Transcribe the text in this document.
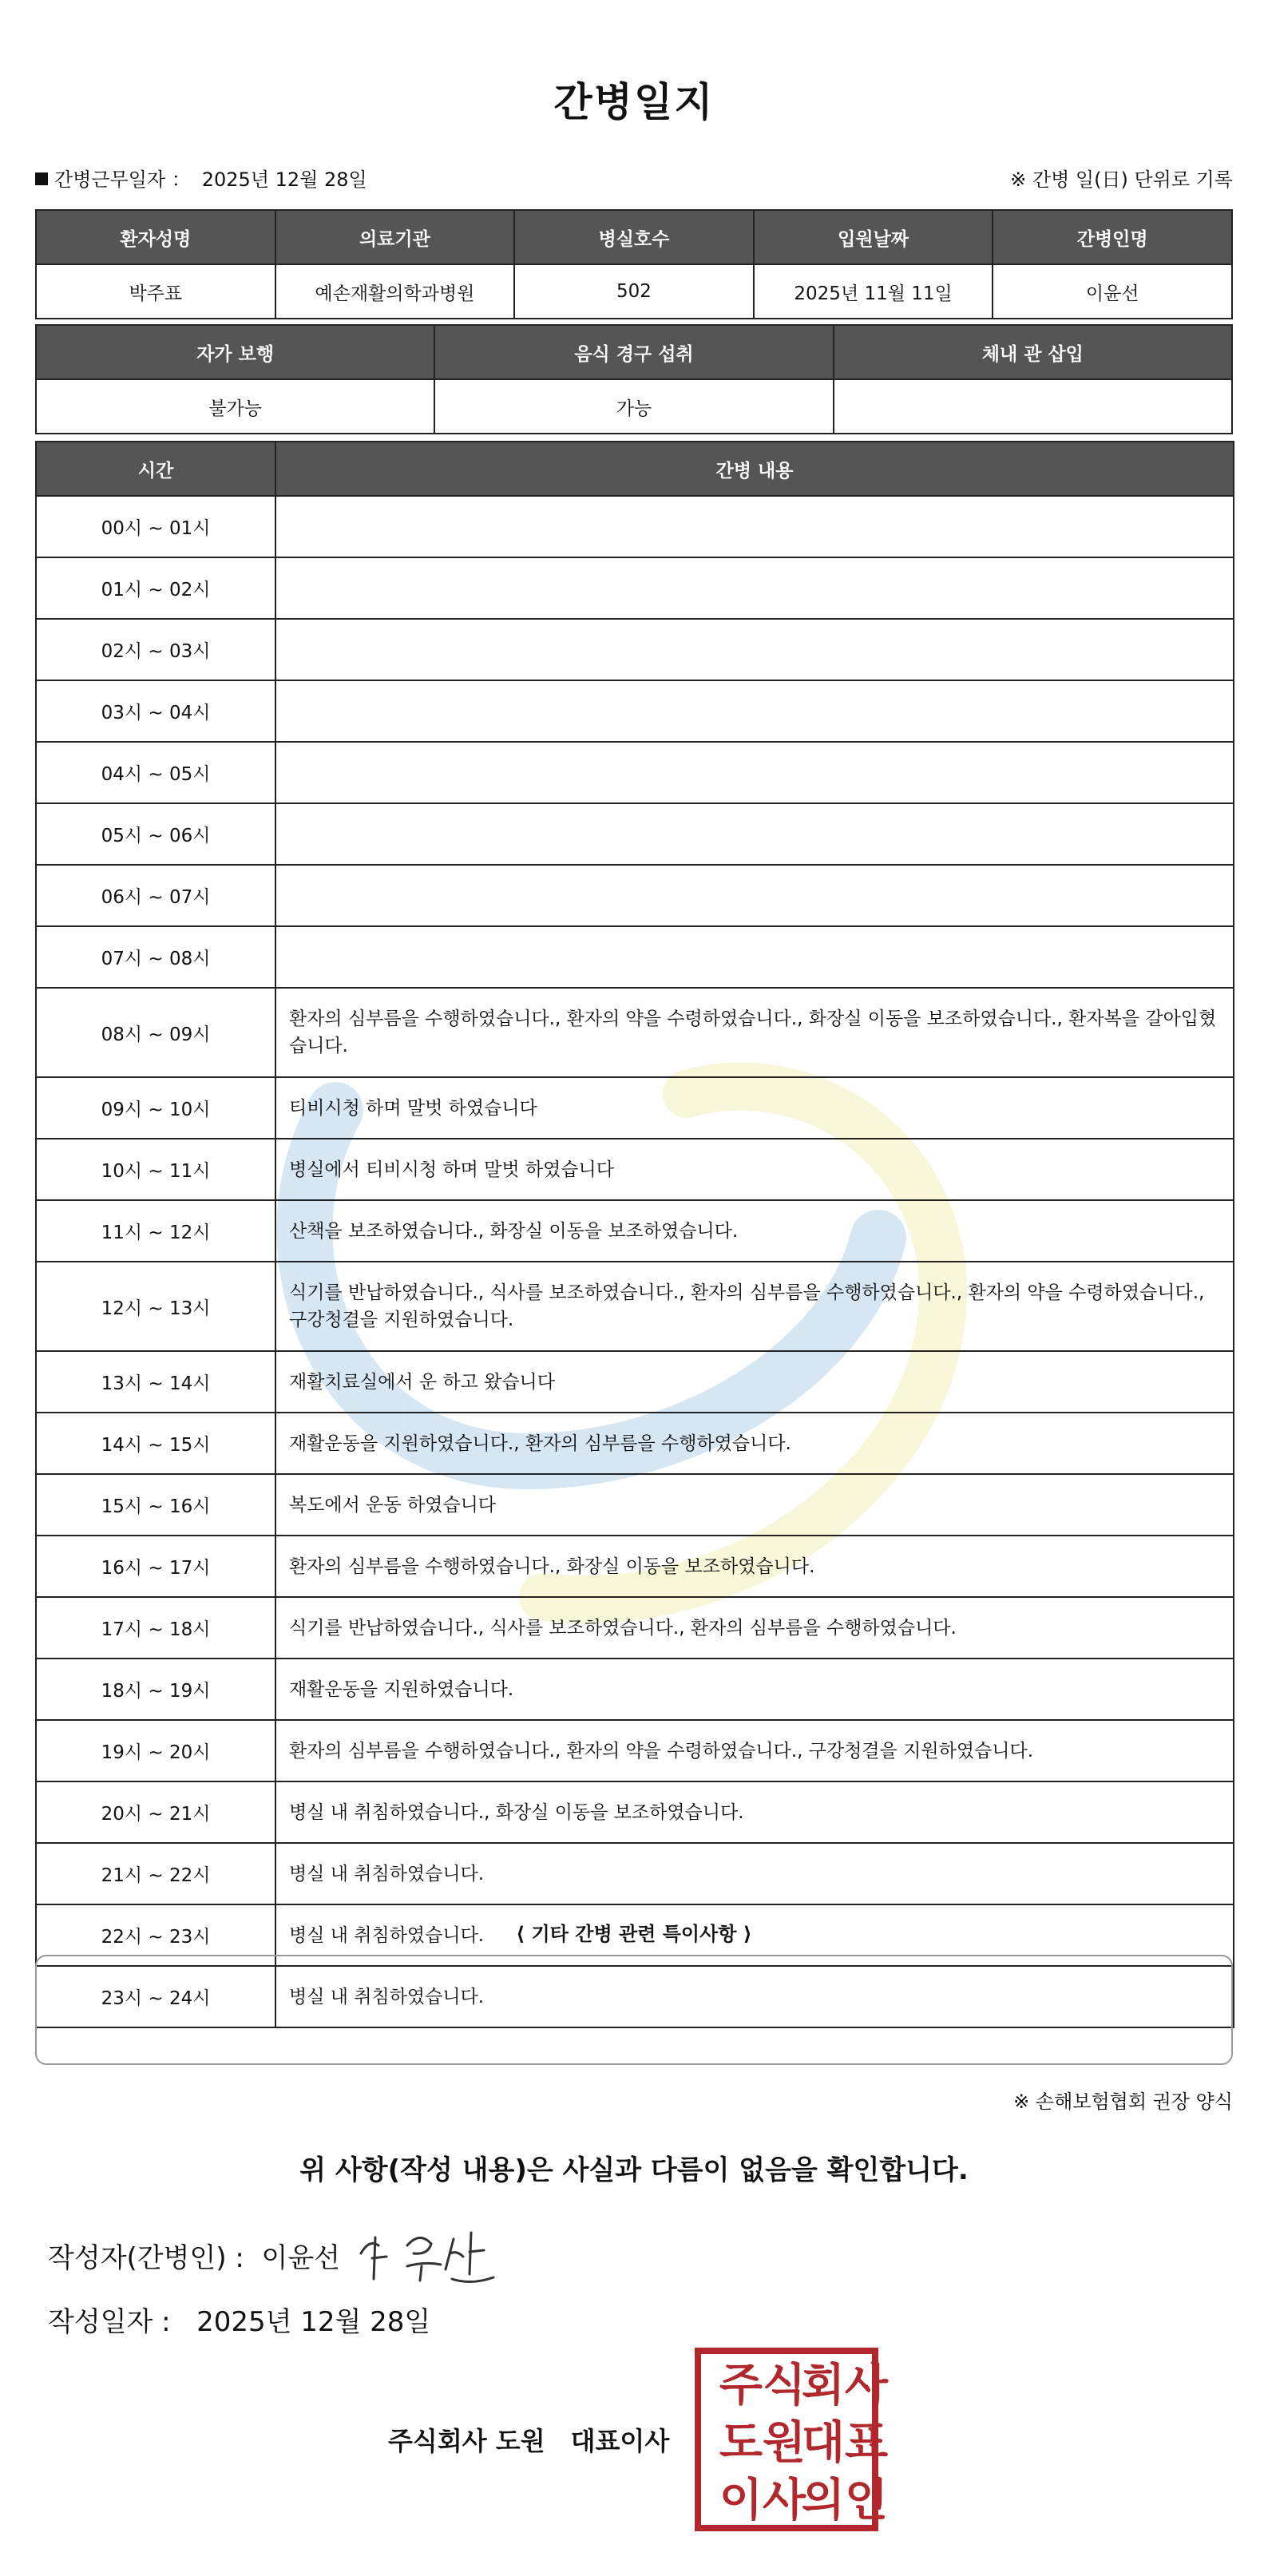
간병일지
간병근무일자 ： 2025년 12월 28일	※ 간병 일(日) 단위로 기록
환자성명	의료기관	병실호수	입원날짜	간병인명
박주표	예손재활의학과병원	502	2025년 11월 11일	이윤선
자가 보행	음식 경구 섭취	체내 관 삽입
불가능	가능	
시간	간병 내용
00시 ~ 01시	
01시 ~ 02시	
02시 ~ 03시	
03시 ~ 04시	
04시 ~ 05시	
05시 ~ 06시	
06시 ~ 07시	
07시 ~ 08시	
08시 ~ 09시	환자의 심부름을 수행하였습니다., 환자의 약을 수령하였습니다., 화장실 이동을 보조하였습니다., 환자복을 갈아입혔습니다.
09시 ~ 10시	티비시청 하며 말벗 하였습니다
10시 ~ 11시	병실에서 티비시청 하며 말벗 하였습니다
11시 ~ 12시	산책을 보조하였습니다., 화장실 이동을 보조하였습니다.
12시 ~ 13시	식기를 반납하였습니다., 식사를 보조하였습니다., 환자의 심부름을 수행하였습니다., 환자의 약을 수령하였습니다., 구강청결을 지원하였습니다.
13시 ~ 14시	재활치료실에서 운 하고 왔습니다
14시 ~ 15시	재활운동을 지원하였습니다., 환자의 심부름을 수행하였습니다.
15시 ~ 16시	복도에서 운동 하였습니다
16시 ~ 17시	환자의 심부름을 수행하였습니다., 화장실 이동을 보조하였습니다.
17시 ~ 18시	식기를 반납하였습니다., 식사를 보조하였습니다., 환자의 심부름을 수행하였습니다.
18시 ~ 19시	재활운동을 지원하였습니다.
19시 ~ 20시	환자의 심부름을 수행하였습니다., 환자의 약을 수령하였습니다., 구강청결을 지원하였습니다.
20시 ~ 21시	병실 내 취침하였습니다., 화장실 이동을 보조하였습니다.
21시 ~ 22시	병실 내 취침하였습니다.
22시 ~ 23시	병실 내 취침하였습니다.
23시 ~ 24시	병실 내 취침하였습니다.
⟨ 기타 간병 관련 특이사항 ⟩
※ 손해보험협회 권장 양식
위 사항(작성 내용)은 사실과 다름이 없음을 확인합니다.
작성자(간병인) : 이윤선
작성일자 : 2025년 12월 28일
주식회사 도원　대표이사
주식
회사
도원
대표
이사
의인
